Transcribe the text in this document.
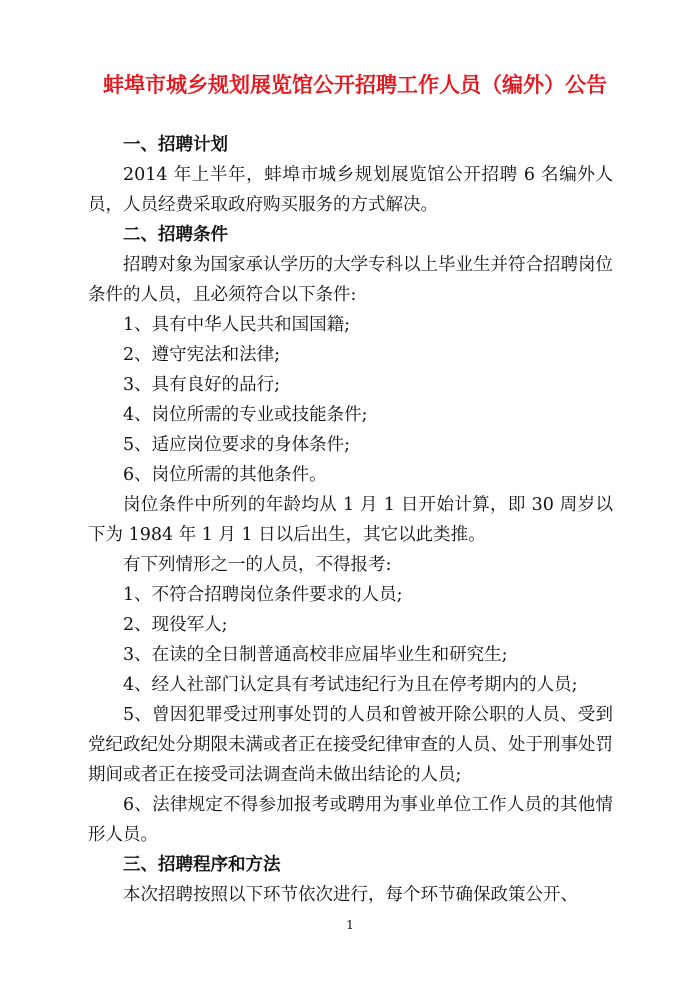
蚌埠市城乡规划展览馆公开招聘工作人员（编外）公告

一、招聘计划

2014 年上半年，蚌埠市城乡规划展览馆公开招聘 6 名编外人员，人员经费采取政府购买服务的方式解决。

二、招聘条件

招聘对象为国家承认学历的大学专科以上毕业生并符合招聘岗位条件的人员，且必须符合以下条件:

1、具有中华人民共和国国籍;

2、遵守宪法和法律;

3、具有良好的品行;

4、岗位所需的专业或技能条件;

5、适应岗位要求的身体条件;

6、岗位所需的其他条件。

岗位条件中所列的年龄均从 1 月 1 日开始计算，即 30 周岁以下为 1984 年 1 月 1 日以后出生，其它以此类推。

有下列情形之一的人员，不得报考:

1、不符合招聘岗位条件要求的人员;

2、现役军人;

3、在读的全日制普通高校非应届毕业生和研究生;

4、经人社部门认定具有考试违纪行为且在停考期内的人员;

5、曾因犯罪受过刑事处罚的人员和曾被开除公职的人员、受到党纪政纪处分期限未满或者正在接受纪律审查的人员、处于刑事处罚期间或者正在接受司法调查尚未做出结论的人员;

6、法律规定不得参加报考或聘用为事业单位工作人员的其他情形人员。

三、招聘程序和方法

本次招聘按照以下环节依次进行，每个环节确保政策公开、

1
